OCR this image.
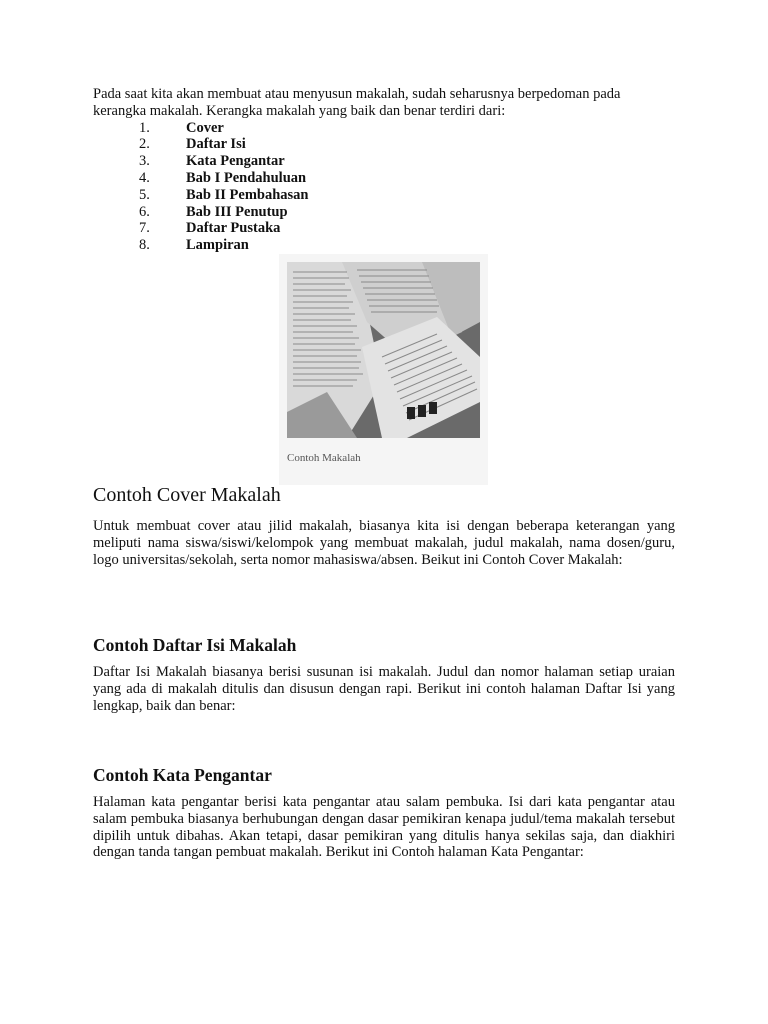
Pada saat kita akan membuat atau menyusun makalah, sudah seharusnya berpedoman pada kerangka makalah. Kerangka makalah yang baik dan benar terdiri dari:

1.	Cover
2.	Daftar Isi
3.	Kata Pengantar
4.	Bab I Pendahuluan
5.	Bab II Pembahasan
6.	Bab III Penutup
7.	Daftar Pustaka
8.	Lampiran
Contoh Makalah
Contoh Cover Makalah

Untuk membuat cover atau jilid makalah, biasanya kita isi dengan beberapa keterangan yang meliputi nama siswa/siswi/kelompok yang membuat makalah, judul makalah, nama dosen/guru, logo universitas/sekolah, serta nomor mahasiswa/absen. Beikut ini Contoh Cover Makalah:

Contoh Daftar Isi Makalah

Daftar Isi Makalah biasanya berisi susunan isi makalah. Judul dan nomor halaman setiap uraian yang ada di makalah ditulis dan disusun dengan rapi. Berikut ini contoh halaman Daftar Isi yang lengkap, baik dan benar:

Contoh Kata Pengantar

Halaman kata pengantar berisi kata pengantar atau salam pembuka. Isi dari kata pengantar atau salam pembuka biasanya berhubungan dengan dasar pemikiran kenapa judul/tema makalah tersebut dipilih untuk dibahas. Akan tetapi, dasar pemikiran yang ditulis hanya sekilas saja, dan diakhiri dengan tanda tangan pembuat makalah. Berikut ini Contoh halaman Kata Pengantar:
